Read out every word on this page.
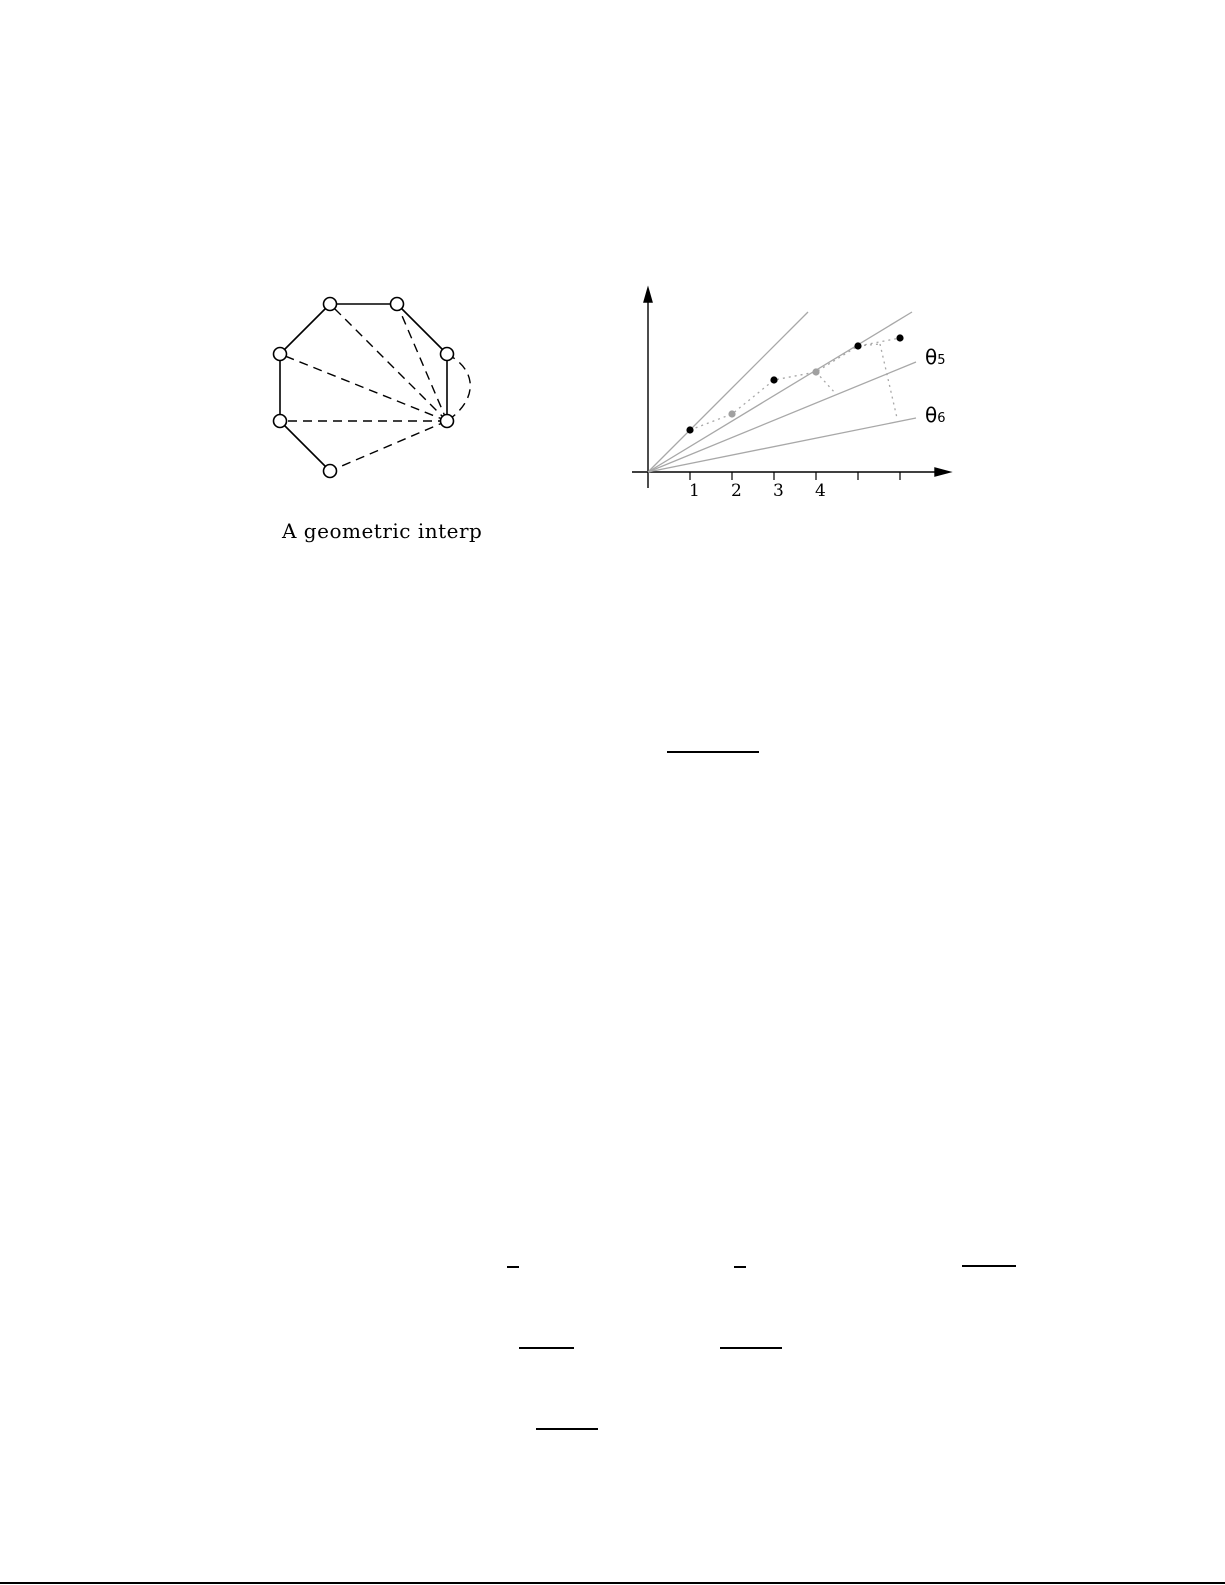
A geometric interp
1 2 3 4
θ5
θ6
